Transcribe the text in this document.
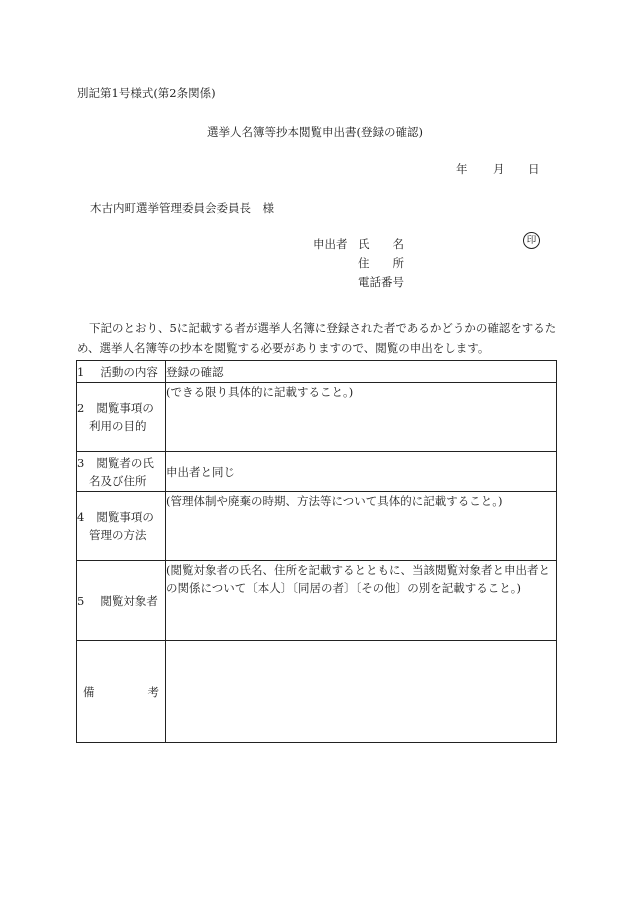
別記第1号様式(第2条関係)
選挙人名簿等抄本閲覧申出書(登録の確認)
年 月 日
木古内町選挙管理委員会委員長　様
申出者 氏　　名
住　　所
電話番号
印
下記のとおり、5に記載する者が選挙人名簿に登録された者であるかどうかの確認をするため、選挙人名簿等の抄本を閲覧する必要がありますので、閲覧の申出をします。
1 活動の内容	登録の確認

2 閲覧事項の
利用の目的	(できる限り具体的に記載すること。)

3 閲覧者の氏
名及び住所	申出者と同じ

4 閲覧事項の
管理の方法	(管理体制や廃棄の時期、方法等について具体的に記載すること。)
5 閲覧対象者	(閲覧対象者の氏名、住所を記載するとともに、当該閲覧対象者と申出者との関係について〔本人〕〔同居の者〕〔その他〕の別を記載すること。)

備 考	
